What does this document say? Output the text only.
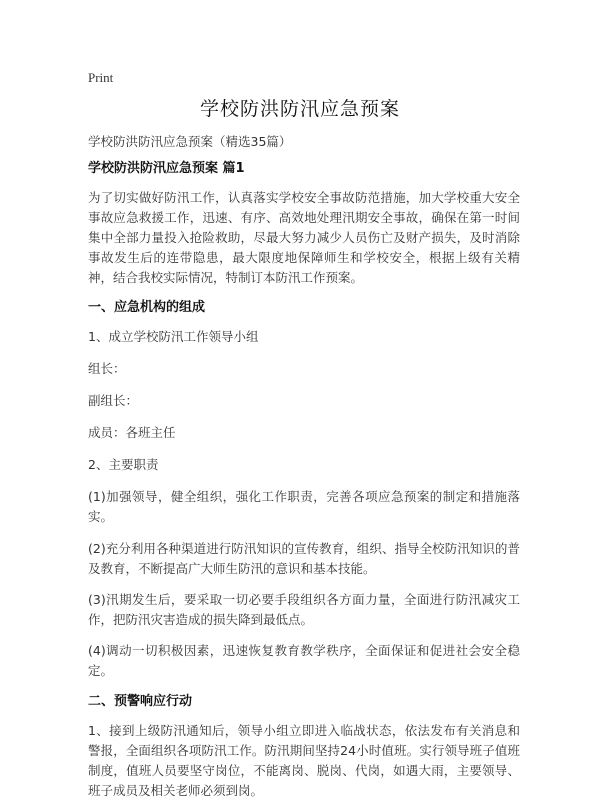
Print
学校防洪防汛应急预案
学校防洪防汛应急预案（精选35篇）
学校防洪防汛应急预案 篇1

为了切实做好防汛工作，认真落实学校安全事故防范措施，加大学校重大安全事故应急救援工作，迅速、有序、高效地处理汛期安全事故，确保在第一时间集中全部力量投入抢险救助，尽最大努力减少人员伤亡及财产损失，及时消除事故发生后的连带隐患，最大限度地保障师生和学校安全，根据上级有关精神，结合我校实际情况，特制订本防汛工作预案。

一、应急机构的组成

1、成立学校防汛工作领导小组

组长：

副组长：

成员：各班主任

2、主要职责

(1)加强领导，健全组织，强化工作职责，完善各项应急预案的制定和措施落实。

(2)充分利用各种渠道进行防汛知识的宣传教育，组织、指导全校防汛知识的普及教育，不断提高广大师生防汛的意识和基本技能。

(3)汛期发生后，要采取一切必要手段组织各方面力量，全面进行防汛减灾工作，把防汛灾害造成的损失降到最低点。

(4)调动一切积极因素，迅速恢复教育教学秩序，全面保证和促进社会安全稳定。

二、预警响应行动

1、接到上级防汛通知后，领导小组立即进入临战状态，依法发布有关消息和警报，全面组织各项防汛工作。防汛期间坚持24小时值班。实行领导班子值班制度，值班人员要坚守岗位，不能离岗、脱岗、代岗，如遇大雨，主要领导、班子成员及相关老师必须到岗。
